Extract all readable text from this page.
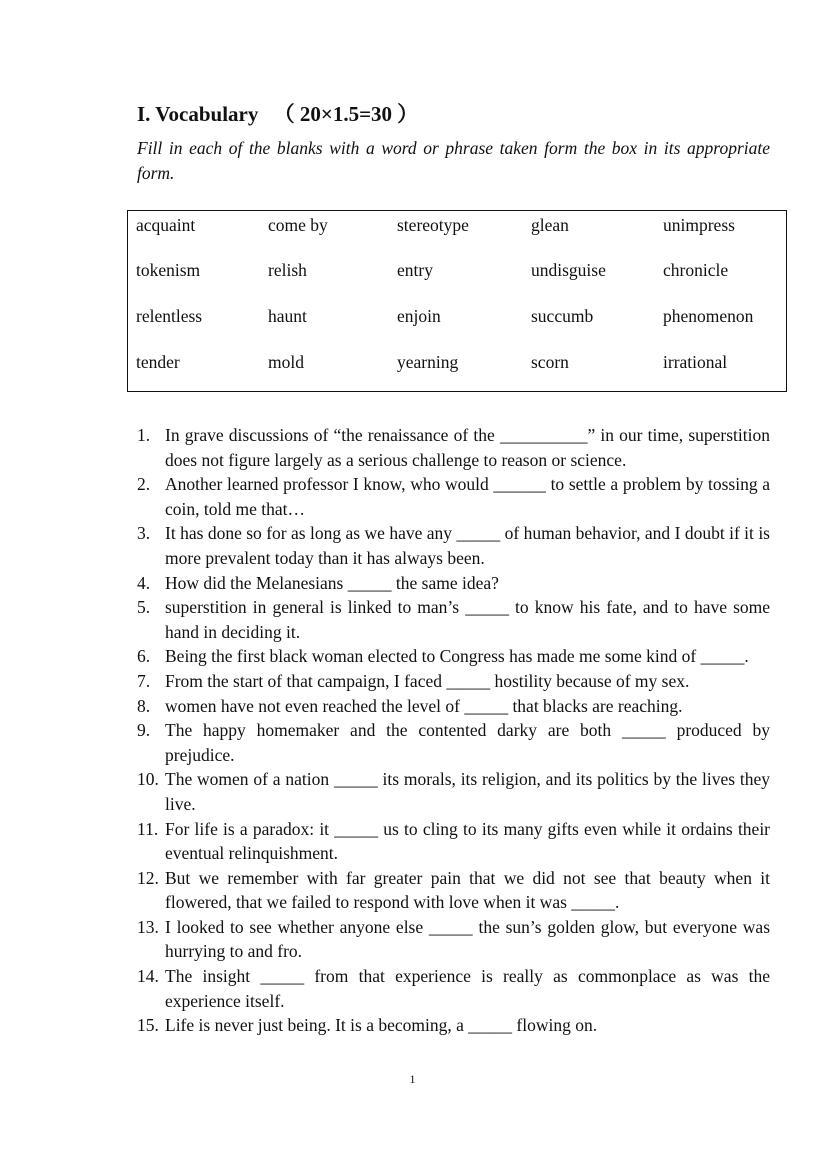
I. Vocabulary （ 20×1.5=30 ）
Fill in each of the blanks with a word or phrase taken form the box in its appropriate form.
acquaint	come by	stereotype	glean	unimpress
tokenism	relish	entry	undisguise	chronicle
relentless	haunt	enjoin	succumb	phenomenon
tender	mold	yearning	scorn	irrational
1. In grave discussions of “the renaissance of the __________” in our time, superstition does not figure largely as a serious challenge to reason or science.
2. Another learned professor I know, who would ______ to settle a problem by tossing a coin, told me that…
3. It has done so for as long as we have any _____ of human behavior, and I doubt if it is more prevalent today than it has always been.
4. How did the Melanesians _____ the same idea?
5. superstition in general is linked to man’s _____ to know his fate, and to have some hand in deciding it.
6. Being the first black woman elected to Congress has made me some kind of _____.
7. From the start of that campaign, I faced _____ hostility because of my sex.
8. women have not even reached the level of _____ that blacks are reaching.
9. The happy homemaker and the contented darky are both _____ produced by prejudice.
10. The women of a nation _____ its morals, its religion, and its politics by the lives they live.
11. For life is a paradox: it _____ us to cling to its many gifts even while it ordains their eventual relinquishment.
12. But we remember with far greater pain that we did not see that beauty when it flowered, that we failed to respond with love when it was _____.
13. I looked to see whether anyone else _____ the sun’s golden glow, but everyone was hurrying to and fro.
14. The insight _____ from that experience is really as commonplace as was the experience itself.
15. Life is never just being. It is a becoming, a _____ flowing on.
1
